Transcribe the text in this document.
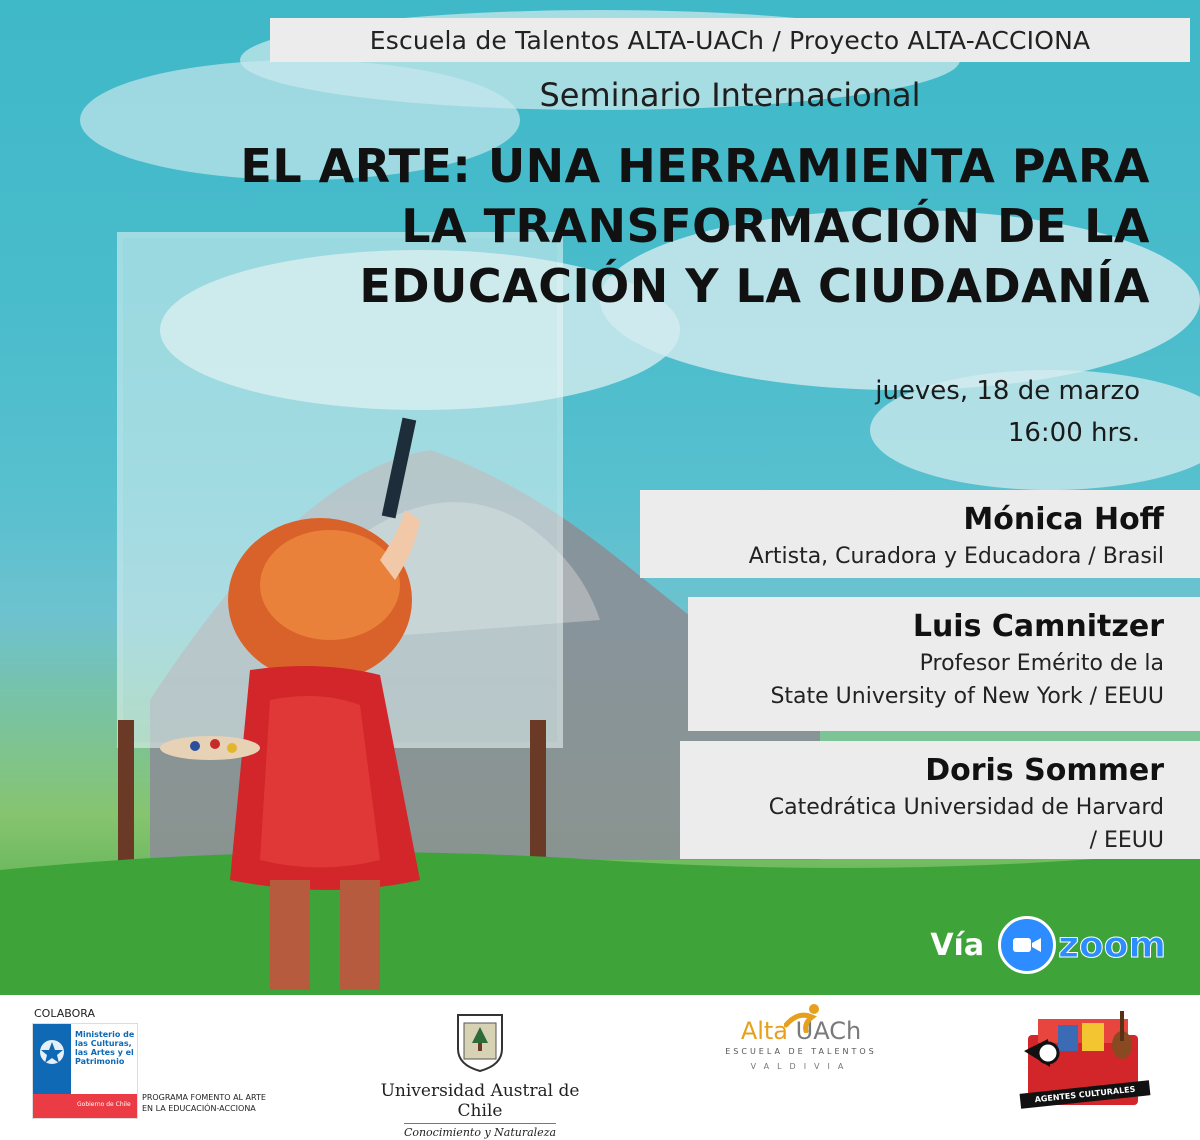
Escuela de Talentos ALTA-UACh / Proyecto ALTA-ACCIONA
Seminario Internacional
EL ARTE: UNA HERRAMIENTA PARA
LA TRANSFORMACIÓN DE LA
EDUCACIÓN Y LA CIUDADANÍA
jueves, 18 de marzo
16:00 hrs.
Mónica Hoff
Artista, Curadora y Educadora / Brasil
Luis Camnitzer
Profesor Emérito de la
State University of New York / EEUU
Doris Sommer
Catedrática Universidad de Harvard
/ EEUU
Vía zoom
COLABORA
Ministerio de
las Culturas,
las Artes y el
Patrimonio
Gobierno de Chile
PROGRAMA FOMENTO AL ARTE
EN LA EDUCACIÓN-ACCIONA
Universidad Austral de Chile
Conocimiento y Naturaleza
Alta UACh
ESCUELA DE TALENTOS
VALDIVIA
AGENTES CULTURALES
